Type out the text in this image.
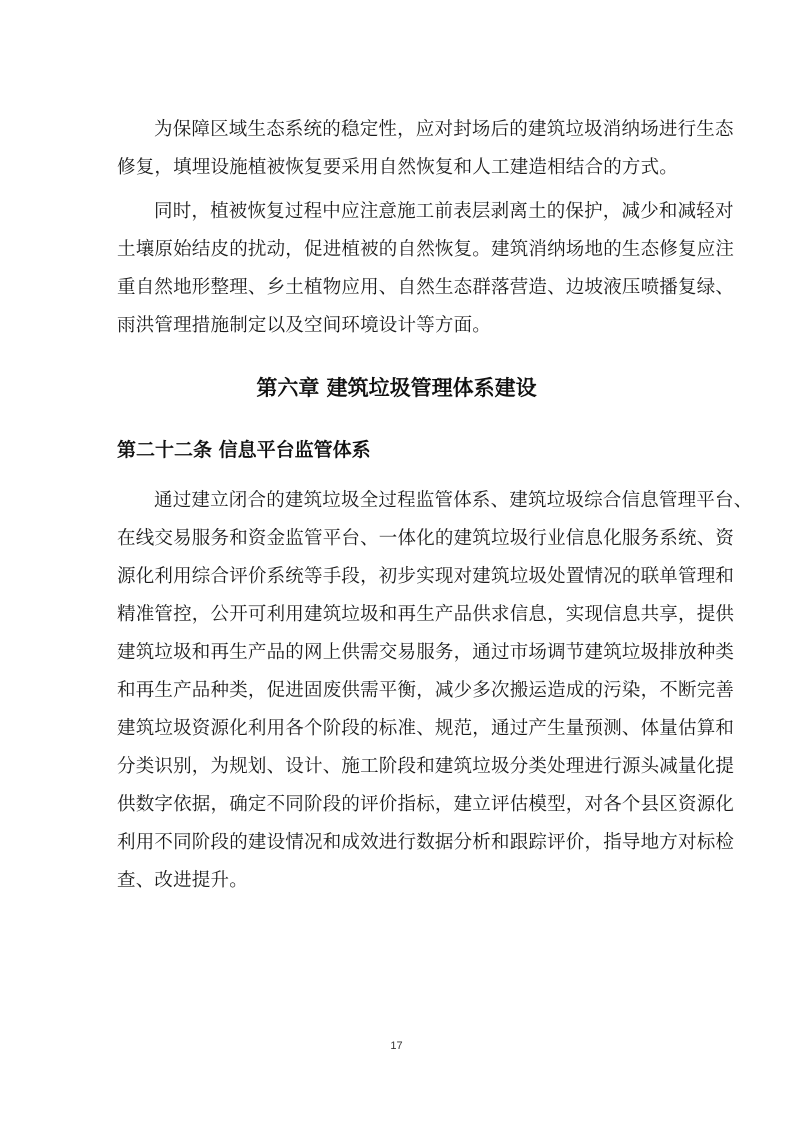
为保障区域生态系统的稳定性，应对封场后的建筑垃圾消纳场进行生态
修复，填埋设施植被恢复要采用自然恢复和人工建造相结合的方式。
同时，植被恢复过程中应注意施工前表层剥离土的保护，减少和减轻对
土壤原始结皮的扰动，促进植被的自然恢复。建筑消纳场地的生态修复应注
重自然地形整理、乡土植物应用、自然生态群落营造、边坡液压喷播复绿、
雨洪管理措施制定以及空间环境设计等方面。
第六章 建筑垃圾管理体系建设
第二十二条 信息平台监管体系
通过建立闭合的建筑垃圾全过程监管体系、建筑垃圾综合信息管理平台、
在线交易服务和资金监管平台、一体化的建筑垃圾行业信息化服务系统、资
源化利用综合评价系统等手段，初步实现对建筑垃圾处置情况的联单管理和
精准管控，公开可利用建筑垃圾和再生产品供求信息，实现信息共享，提供
建筑垃圾和再生产品的网上供需交易服务，通过市场调节建筑垃圾排放种类
和再生产品种类，促进固废供需平衡，减少多次搬运造成的污染，不断完善
建筑垃圾资源化利用各个阶段的标准、规范，通过产生量预测、体量估算和
分类识别，为规划、设计、施工阶段和建筑垃圾分类处理进行源头减量化提
供数字依据，确定不同阶段的评价指标，建立评估模型，对各个县区资源化
利用不同阶段的建设情况和成效进行数据分析和跟踪评价，指导地方对标检
查、改进提升。
17
